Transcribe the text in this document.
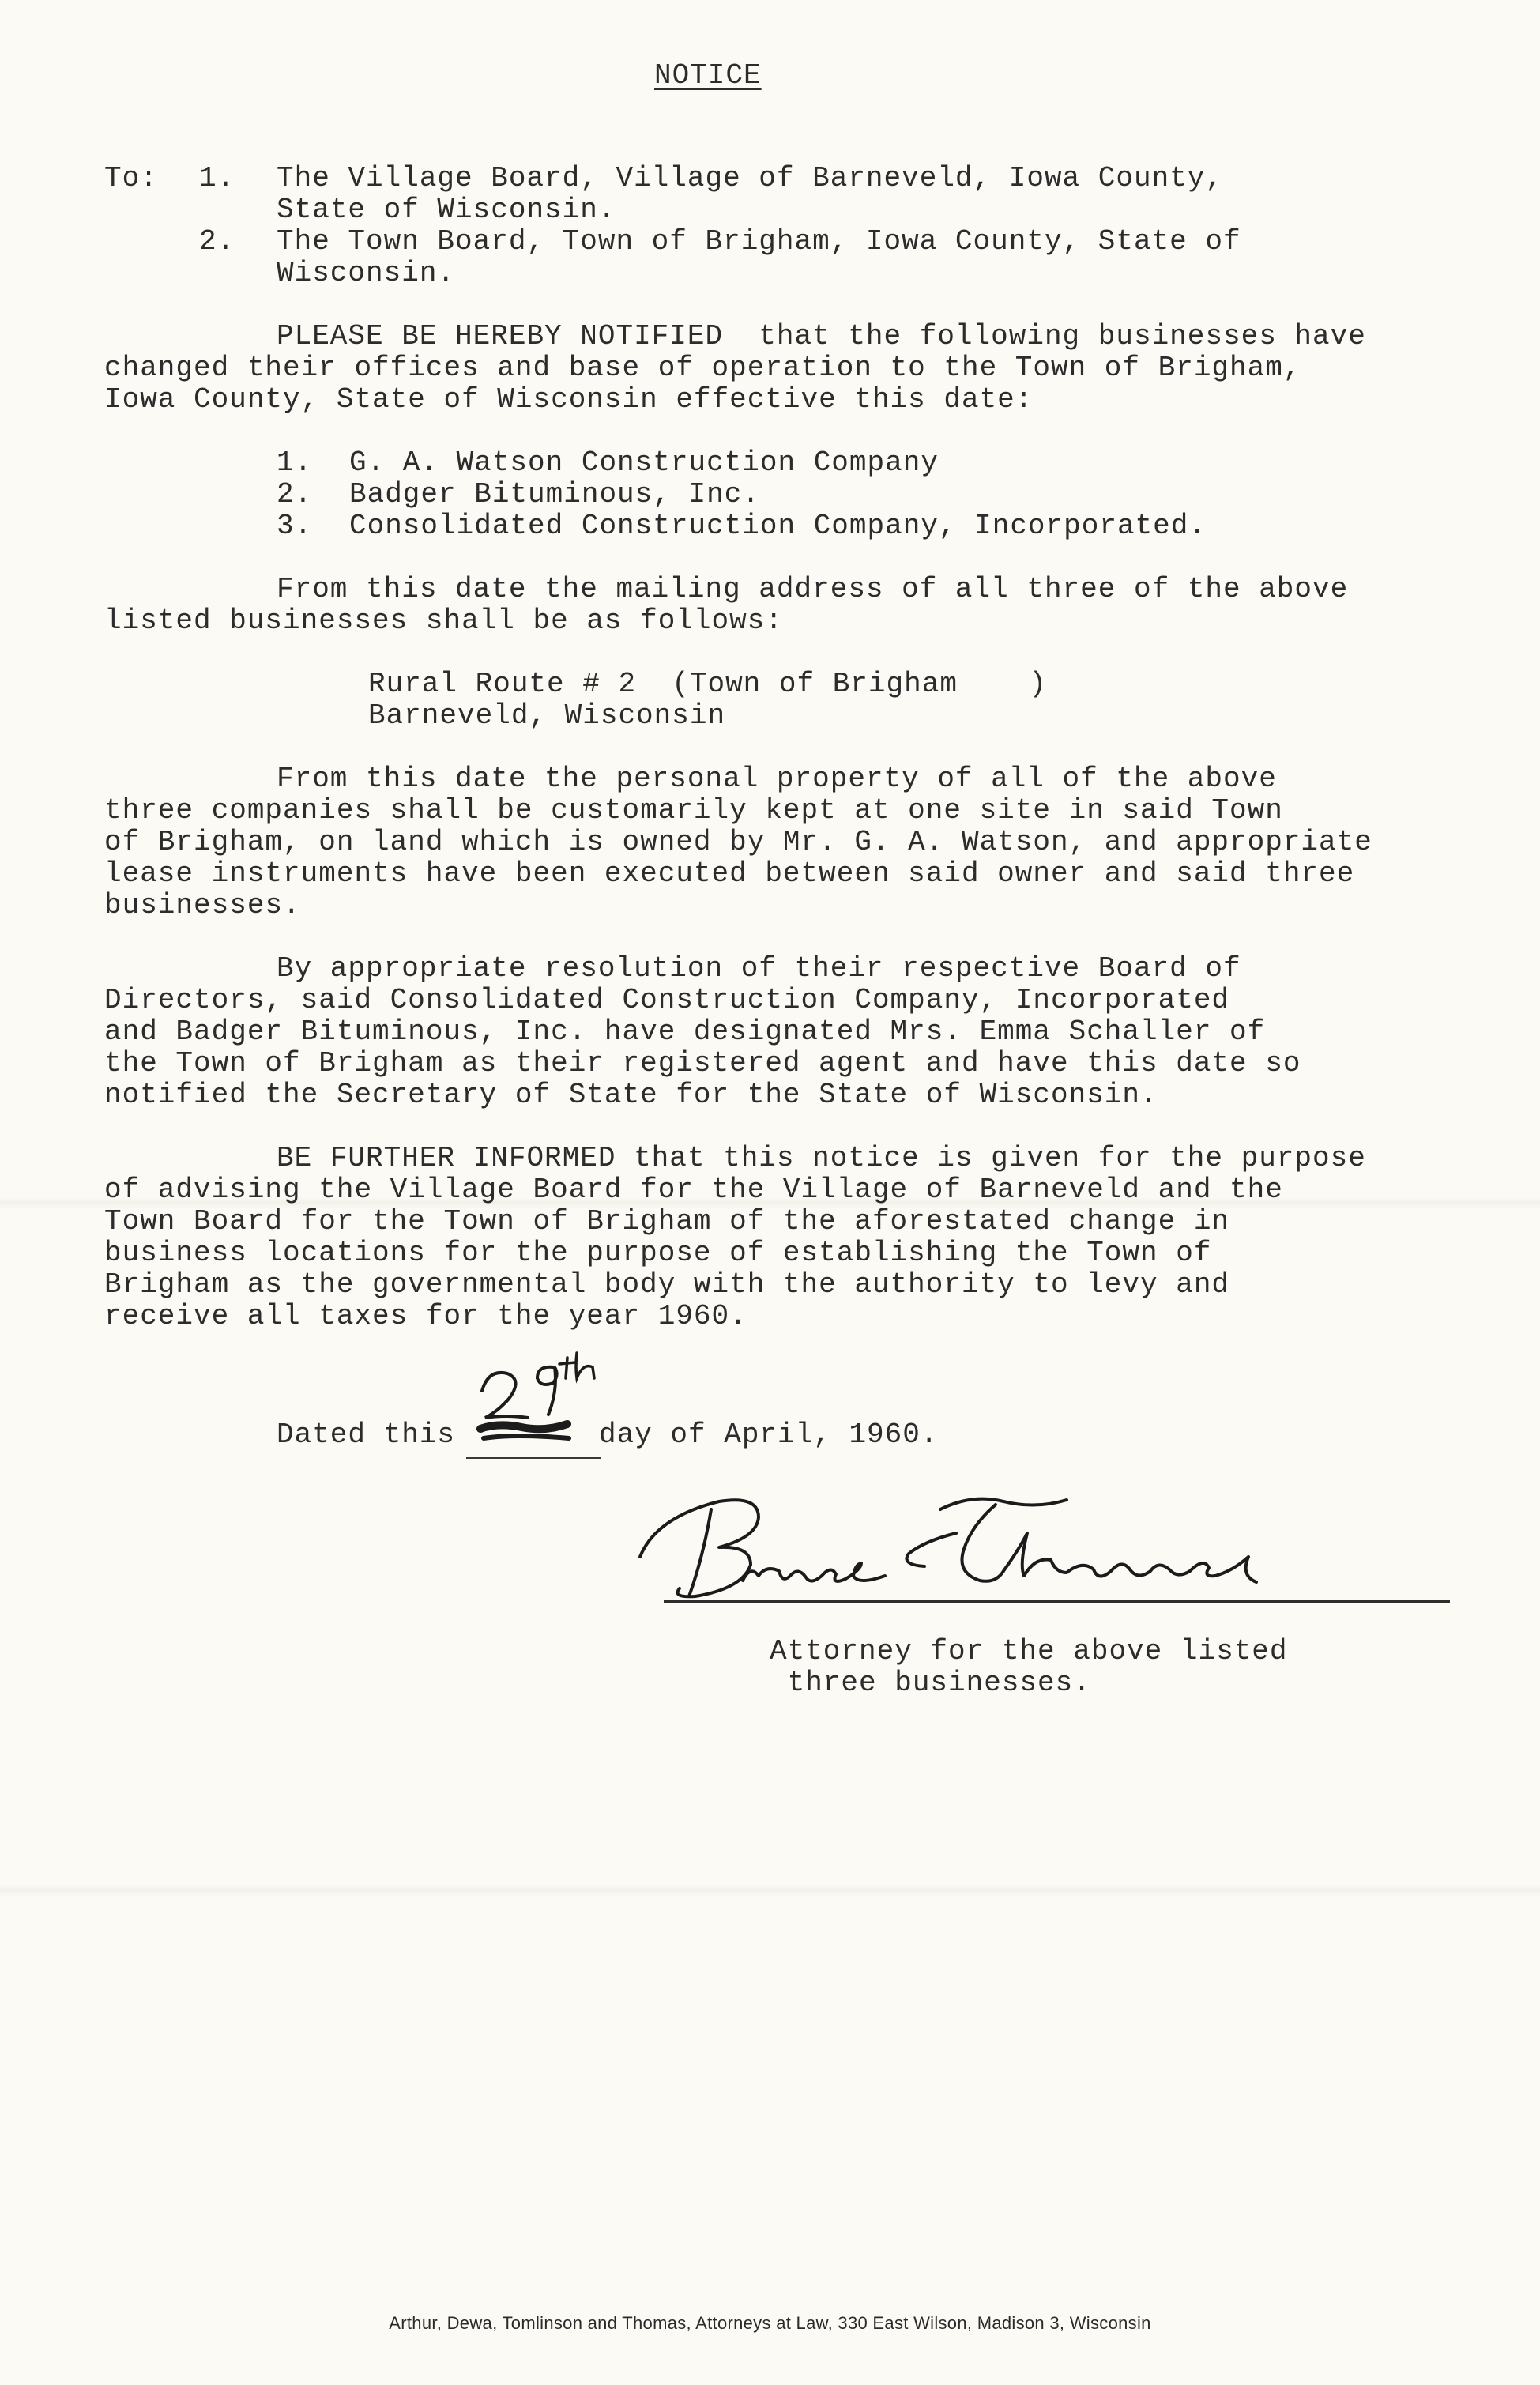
NOTICE
To: 1. The Village Board, Village of Barneveld, Iowa County,
State of Wisconsin.
2. The Town Board, Town of Brigham, Iowa County, State of
Wisconsin.
PLEASE BE HEREBY NOTIFIED  that the following businesses have
changed their offices and base of operation to the Town of Brigham,
Iowa County, State of Wisconsin effective this date:
1. G. A. Watson Construction Company
2. Badger Bituminous, Inc.
3. Consolidated Construction Company, Incorporated.
From this date the mailing address of all three of the above
listed businesses shall be as follows:
Rural Route # 2  (Town of Brigham    )
Barneveld, Wisconsin
From this date the personal property of all of the above
three companies shall be customarily kept at one site in said Town
of Brigham, on land which is owned by Mr. G. A. Watson, and appropriate
lease instruments have been executed between said owner and said three
businesses.
By appropriate resolution of their respective Board of
Directors, said Consolidated Construction Company, Incorporated
and Badger Bituminous, Inc. have designated Mrs. Emma Schaller of
the Town of Brigham as their registered agent and have this date so
notified the Secretary of State for the State of Wisconsin.
BE FURTHER INFORMED that this notice is given for the purpose
of advising the Village Board for the Village of Barneveld and the
Town Board for the Town of Brigham of the aforestated change in
business locations for the purpose of establishing the Town of
Brigham as the governmental body with the authority to levy and
receive all taxes for the year 1960.
Dated this	day of April, 1960.
Attorney for the above listed
three businesses.
Arthur, Dewa, Tomlinson and Thomas, Attorneys at Law, 330 East Wilson, Madison 3, Wisconsin
